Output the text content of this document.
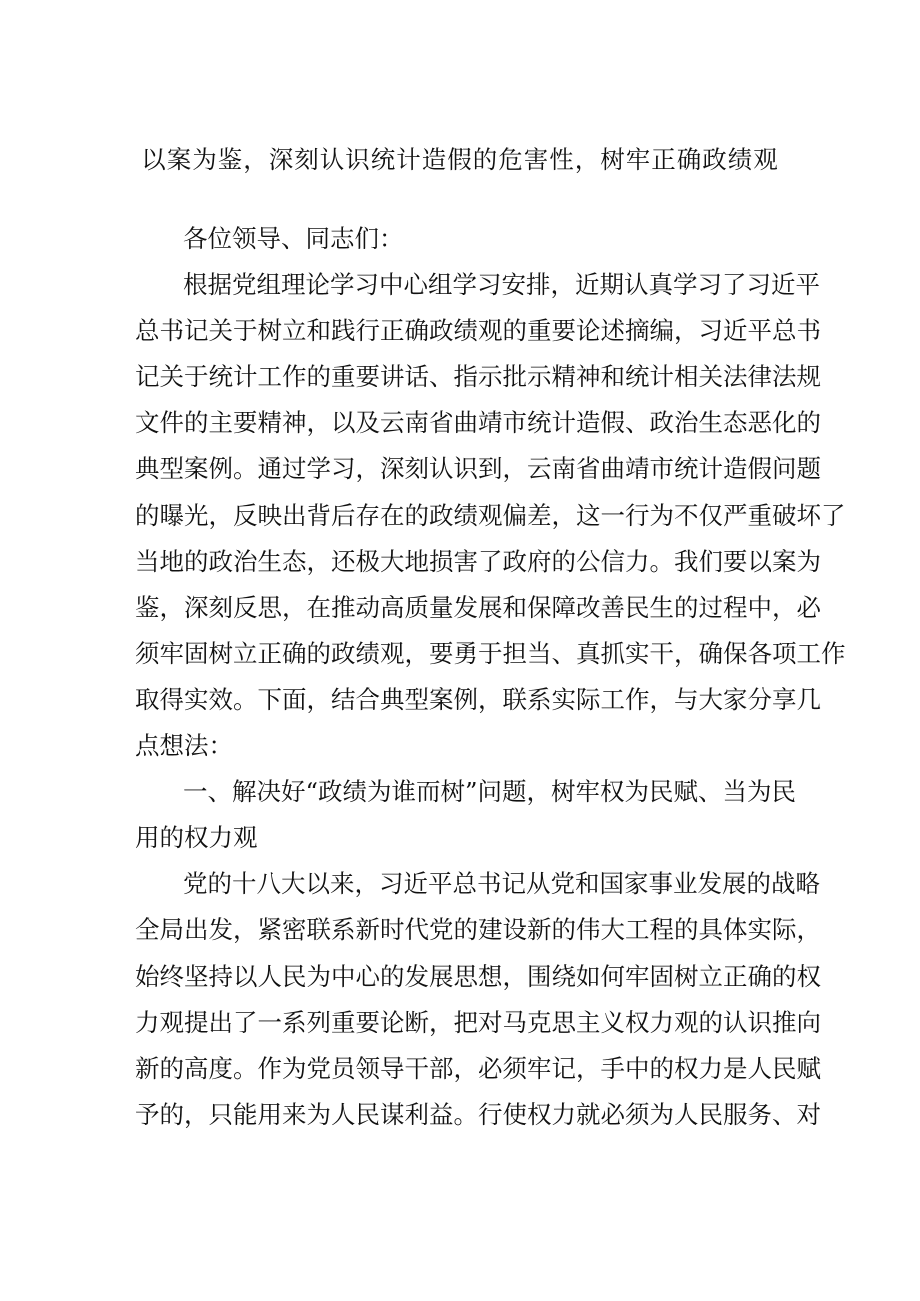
以案为鉴，深刻认识统计造假的危害性，树牢正确政绩观
各位领导、同志们：
根据党组理论学习中心组学习安排，近期认真学习了习近平
总书记关于树立和践行正确政绩观的重要论述摘编，习近平总书
记关于统计工作的重要讲话、指示批示精神和统计相关法律法规
文件的主要精神，以及云南省曲靖市统计造假、政治生态恶化的
典型案例。通过学习，深刻认识到，云南省曲靖市统计造假问题
的曝光，反映出背后存在的政绩观偏差，这一行为不仅严重破坏了
当地的政治生态，还极大地损害了政府的公信力。我们要以案为
鉴，深刻反思，在推动高质量发展和保障改善民生的过程中，必
须牢固树立正确的政绩观，要勇于担当、真抓实干，确保各项工作
取得实效。下面，结合典型案例，联系实际工作，与大家分享几
点想法：
一、解决好“政绩为谁而树”问题，树牢权为民赋、当为民
用的权力观
党的十八大以来，习近平总书记从党和国家事业发展的战略
全局出发，紧密联系新时代党的建设新的伟大工程的具体实际，
始终坚持以人民为中心的发展思想，围绕如何牢固树立正确的权
力观提出了一系列重要论断，把对马克思主义权力观的认识推向
新的高度。作为党员领导干部，必须牢记，手中的权力是人民赋
予的，只能用来为人民谋利益。行使权力就必须为人民服务、对
